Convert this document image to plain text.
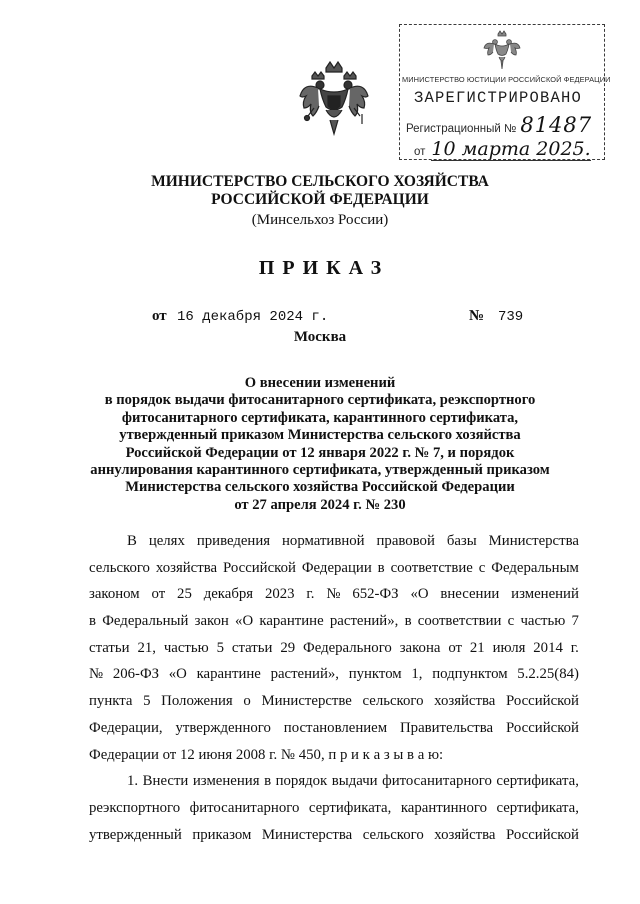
МИНИСТЕРСТВО ЮСТИЦИИ РОССИЙСКОЙ ФЕДЕРАЦИИ
ЗАРЕГИСТРИРОВАНО
Регистрационный № 81487
от 10 марта 2025.
МИНИСТЕРСТВО СЕЛЬСКОГО ХОЗЯЙСТВА
РОССИЙСКОЙ ФЕДЕРАЦИИ
(Минсельхоз России)
ПРИКАЗ
от 16 декабря 2024 г.	№ 739
Москва
О внесении изменений
в порядок выдачи фитосанитарного сертификата, реэкспортного
фитосанитарного сертификата, карантинного сертификата,
утвержденный приказом Министерства сельского хозяйства
Российской Федерации от 12 января 2022 г. № 7, и порядок
аннулирования карантинного сертификата, утвержденный приказом
Министерства сельского хозяйства Российской Федерации
от 27 апреля 2024 г. № 230
В целях приведения нормативной правовой базы Министерства
сельского хозяйства Российской Федерации в соответствие с Федеральным
законом от 25 декабря 2023 г. № 652-ФЗ «О внесении изменений
в Федеральный закон «О карантине растений», в соответствии с частью 7
статьи 21, частью 5 статьи 29 Федерального закона от 21 июля 2014 г.
№ 206-ФЗ «О карантине растений», пунктом 1, подпунктом 5.2.25(84)
пункта 5 Положения о Министерстве сельского хозяйства Российской
Федерации, утвержденного постановлением Правительства Российской
Федерации от 12 июня 2008 г. № 450, п р и к а з ы в а ю:
1. Внести изменения в порядок выдачи фитосанитарного сертификата,
реэкспортного фитосанитарного сертификата, карантинного сертификата,
утвержденный приказом Министерства сельского хозяйства Российской
